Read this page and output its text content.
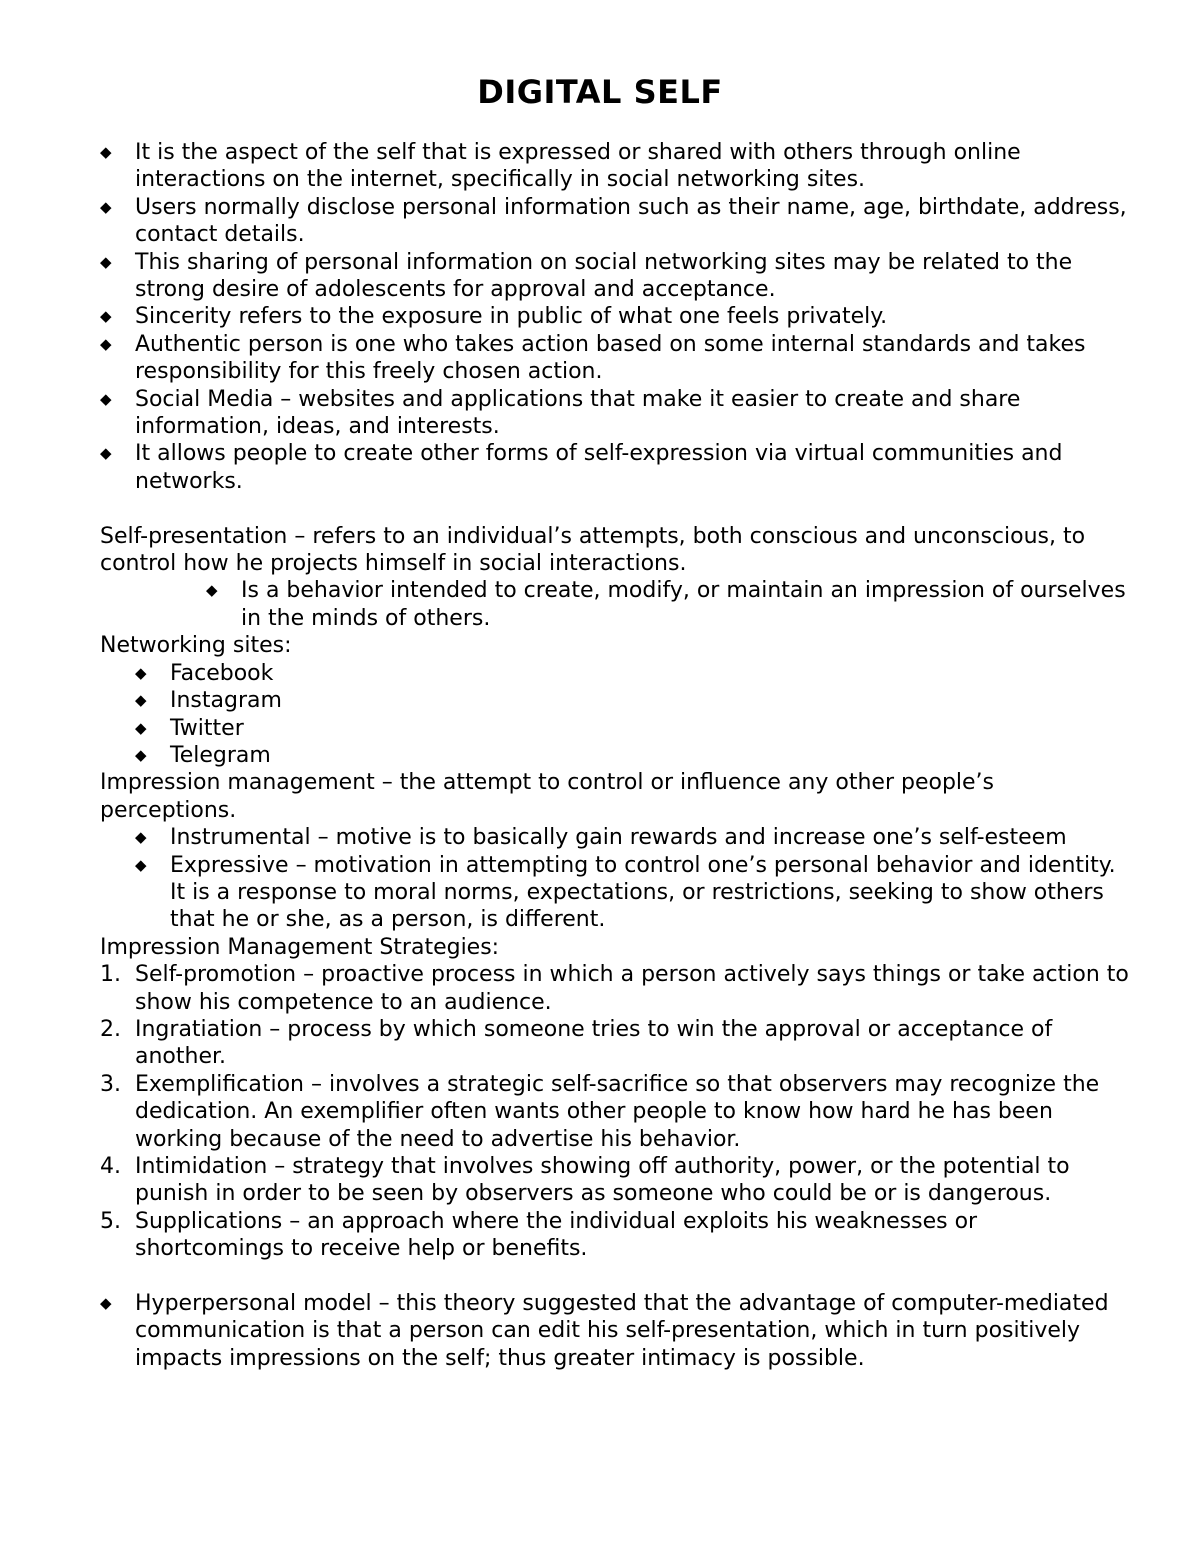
DIGITAL SELF
◆	It is the aspect of the self that is expressed or shared with others through online interactions on the internet, specifically in social networking sites.
◆	Users normally disclose personal information such as their name, age, birthdate, address, contact details.
◆	This sharing of personal information on social networking sites may be related to the strong desire of adolescents for approval and acceptance.
◆	Sincerity refers to the exposure in public of what one feels privately.
◆	Authentic person is one who takes action based on some internal standards and takes responsibility for this freely chosen action.
◆	Social Media – websites and applications that make it easier to create and share information, ideas, and interests.
◆	It allows people to create other forms of self-expression via virtual communities and networks.

Self-presentation – refers to an individual’s attempts, both conscious and unconscious, to control how he projects himself in social interactions.

◆	Is a behavior intended to create, modify, or maintain an impression of ourselves in the minds of others.

Networking sites:

◆	Facebook
◆	Instagram
◆	Twitter
◆	Telegram

Impression management – the attempt to control or influence any other people’s perceptions.

◆	Instrumental – motive is to basically gain rewards and increase one’s self-esteem
◆	Expressive – motivation in attempting to control one’s personal behavior and identity. It is a response to moral norms, expectations, or restrictions, seeking to show others that he or she, as a person, is different.

Impression Management Strategies:

1. Self-promotion – proactive process in which a person actively says things or take action to show his competence to an audience.
2. Ingratiation – process by which someone tries to win the approval or acceptance of another.
3. Exemplification – involves a strategic self-sacrifice so that observers may recognize the dedication. An exemplifier often wants other people to know how hard he has been working because of the need to advertise his behavior.
4. Intimidation – strategy that involves showing off authority, power, or the potential to punish in order to be seen by observers as someone who could be or is dangerous.
5. Supplications – an approach where the individual exploits his weaknesses or shortcomings to receive help or benefits.
◆	Hyperpersonal model – this theory suggested that the advantage of computer-mediated communication is that a person can edit his self-presentation, which in turn positively impacts impressions on the self; thus greater intimacy is possible.
